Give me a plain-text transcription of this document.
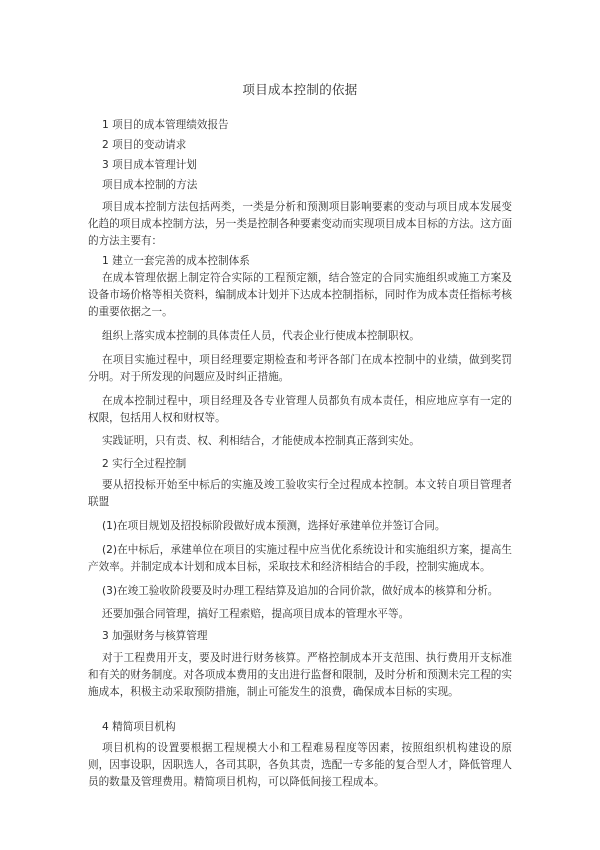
项目成本控制的依据

1 项目的成本管理绩效报告

2 项目的变动请求

3 项目成本管理计划

项目成本控制的方法

项目成本控制方法包括两类，一类是分析和预测项目影响要素的变动与项目成本发展变化趋的项目成本控制方法，另一类是控制各种要素变动而实现项目成本目标的方法。这方面的方法主要有：

1 建立一套完善的成本控制体系

在成本管理依据上制定符合实际的工程预定额，结合签定的合同实施组织或施工方案及设备市场价格等相关资料，编制成本计划并下达成本控制指标，同时作为成本责任指标考核的重要依据之一。

组织上落实成本控制的具体责任人员，代表企业行使成本控制职权。

在项目实施过程中，项目经理要定期检查和考评各部门在成本控制中的业绩，做到奖罚分明。对于所发现的问题应及时纠正措施。

在成本控制过程中，项目经理及各专业管理人员都负有成本责任，相应地应享有一定的权限，包括用人权和财权等。

实践证明，只有责、权、利相结合，才能使成本控制真正落到实处。

2 实行全过程控制

要从招投标开始至中标后的实施及竣工验收实行全过程成本控制。本文转自项目管理者联盟

(1)在项目规划及招投标阶段做好成本预测，选择好承建单位并签订合同。

(2)在中标后，承建单位在项目的实施过程中应当优化系统设计和实施组织方案，提高生产效率。并制定成本计划和成本目标，采取技术和经济相结合的手段，控制实施成本。

(3)在竣工验收阶段要及时办理工程结算及追加的合同价款，做好成本的核算和分析。

还要加强合同管理，搞好工程索赔，提高项目成本的管理水平等。

3 加强财务与核算管理

对于工程费用开支，要及时进行财务核算。严格控制成本开支范围、执行费用开支标准和有关的财务制度。对各项成本费用的支出进行监督和限制，及时分析和预测未完工程的实施成本，积极主动采取预防措施，制止可能发生的浪费，确保成本目标的实现。

4 精简项目机构

项目机构的设置要根据工程规模大小和工程难易程度等因素，按照组织机构建设的原则，因事设职，因职选人，各司其职，各负其责，选配一专多能的复合型人才，降低管理人员的数量及管理费用。精简项目机构，可以降低间接工程成本。
